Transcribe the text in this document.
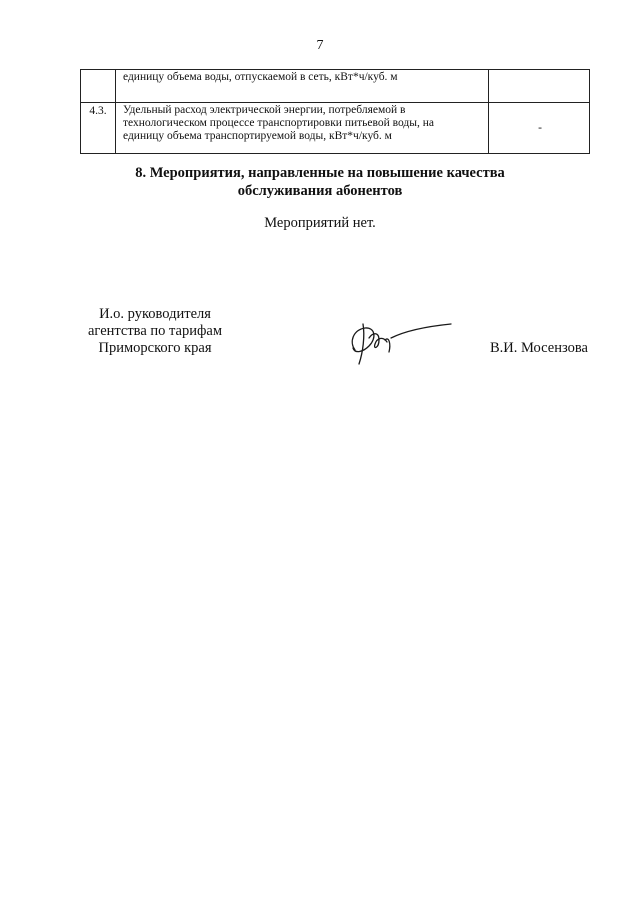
7
	единицу объема воды, отпускаемой в сеть, кВт*ч/куб. м	
4.3.	Удельный расход электрической энергии, потребляемой в
технологическом процессе транспортировки питьевой воды, на
единицу объема транспортируемой воды, кВт*ч/куб. м	-
8. Мероприятия, направленные на повышение качества
обслуживания абонентов
Мероприятий нет.
И.о. руководителя
агентства по тарифам
Приморского края	В.И. Мосензова
